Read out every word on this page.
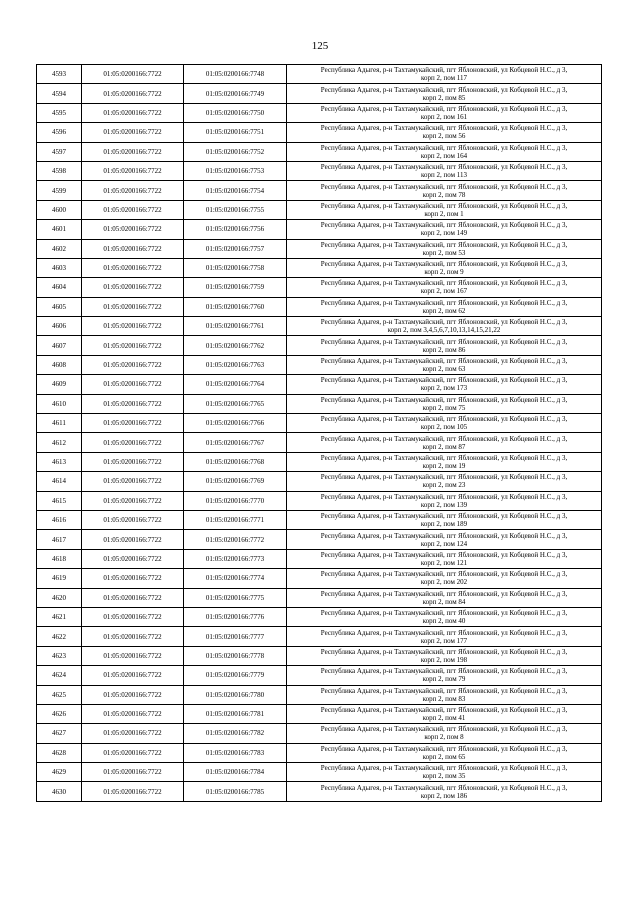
125
4593	01:05:0200166:7722	01:05:0200166:7748	Республика Адыгея, р-н Тахтамукайский, пгт Яблоновский, ул Кобцевой Н.С., д 3,
корп 2, пом 117

4594	01:05:0200166:7722	01:05:0200166:7749	Республика Адыгея, р-н Тахтамукайский, пгт Яблоновский, ул Кобцевой Н.С., д 3,
корп 2, пом 85

4595	01:05:0200166:7722	01:05:0200166:7750	Республика Адыгея, р-н Тахтамукайский, пгт Яблоновский, ул Кобцевой Н.С., д 3,
корп 2, пом 161

4596	01:05:0200166:7722	01:05:0200166:7751	Республика Адыгея, р-н Тахтамукайский, пгт Яблоновский, ул Кобцевой Н.С., д 3,
корп 2, пом 56

4597	01:05:0200166:7722	01:05:0200166:7752	Республика Адыгея, р-н Тахтамукайский, пгт Яблоновский, ул Кобцевой Н.С., д 3,
корп 2, пом 164

4598	01:05:0200166:7722	01:05:0200166:7753	Республика Адыгея, р-н Тахтамукайский, пгт Яблоновский, ул Кобцевой Н.С., д 3,
корп 2, пом 113

4599	01:05:0200166:7722	01:05:0200166:7754	Республика Адыгея, р-н Тахтамукайский, пгт Яблоновский, ул Кобцевой Н.С., д 3,
корп 2, пом 78

4600	01:05:0200166:7722	01:05:0200166:7755	Республика Адыгея, р-н Тахтамукайский, пгт Яблоновский, ул Кобцевой Н.С., д 3,
корп 2, пом 1

4601	01:05:0200166:7722	01:05:0200166:7756	Республика Адыгея, р-н Тахтамукайский, пгт Яблоновский, ул Кобцевой Н.С., д 3,
корп 2, пом 149

4602	01:05:0200166:7722	01:05:0200166:7757	Республика Адыгея, р-н Тахтамукайский, пгт Яблоновский, ул Кобцевой Н.С., д 3,
корп 2, пом 53

4603	01:05:0200166:7722	01:05:0200166:7758	Республика Адыгея, р-н Тахтамукайский, пгт Яблоновский, ул Кобцевой Н.С., д 3,
корп 2, пом 9

4604	01:05:0200166:7722	01:05:0200166:7759	Республика Адыгея, р-н Тахтамукайский, пгт Яблоновский, ул Кобцевой Н.С., д 3,
корп 2, пом 167

4605	01:05:0200166:7722	01:05:0200166:7760	Республика Адыгея, р-н Тахтамукайский, пгт Яблоновский, ул Кобцевой Н.С., д 3,
корп 2, пом 62

4606	01:05:0200166:7722	01:05:0200166:7761	Республика Адыгея, р-н Тахтамукайский, пгт Яблоновский, ул Кобцевой Н.С., д 3,
корп 2, пом 3,4,5,6,7,10,13,14,15,21,22

4607	01:05:0200166:7722	01:05:0200166:7762	Республика Адыгея, р-н Тахтамукайский, пгт Яблоновский, ул Кобцевой Н.С., д 3,
корп 2, пом 86

4608	01:05:0200166:7722	01:05:0200166:7763	Республика Адыгея, р-н Тахтамукайский, пгт Яблоновский, ул Кобцевой Н.С., д 3,
корп 2, пом 63

4609	01:05:0200166:7722	01:05:0200166:7764	Республика Адыгея, р-н Тахтамукайский, пгт Яблоновский, ул Кобцевой Н.С., д 3,
корп 2, пом 173

4610	01:05:0200166:7722	01:05:0200166:7765	Республика Адыгея, р-н Тахтамукайский, пгт Яблоновский, ул Кобцевой Н.С., д 3,
корп 2, пом 75

4611	01:05:0200166:7722	01:05:0200166:7766	Республика Адыгея, р-н Тахтамукайский, пгт Яблоновский, ул Кобцевой Н.С., д 3,
корп 2, пом 105

4612	01:05:0200166:7722	01:05:0200166:7767	Республика Адыгея, р-н Тахтамукайский, пгт Яблоновский, ул Кобцевой Н.С., д 3,
корп 2, пом 87

4613	01:05:0200166:7722	01:05:0200166:7768	Республика Адыгея, р-н Тахтамукайский, пгт Яблоновский, ул Кобцевой Н.С., д 3,
корп 2, пом 19

4614	01:05:0200166:7722	01:05:0200166:7769	Республика Адыгея, р-н Тахтамукайский, пгт Яблоновский, ул Кобцевой Н.С., д 3,
корп 2, пом 23

4615	01:05:0200166:7722	01:05:0200166:7770	Республика Адыгея, р-н Тахтамукайский, пгт Яблоновский, ул Кобцевой Н.С., д 3,
корп 2, пом 139

4616	01:05:0200166:7722	01:05:0200166:7771	Республика Адыгея, р-н Тахтамукайский, пгт Яблоновский, ул Кобцевой Н.С., д 3,
корп 2, пом 189

4617	01:05:0200166:7722	01:05:0200166:7772	Республика Адыгея, р-н Тахтамукайский, пгт Яблоновский, ул Кобцевой Н.С., д 3,
корп 2, пом 124

4618	01:05:0200166:7722	01:05:0200166:7773	Республика Адыгея, р-н Тахтамукайский, пгт Яблоновский, ул Кобцевой Н.С., д 3,
корп 2, пом 121

4619	01:05:0200166:7722	01:05:0200166:7774	Республика Адыгея, р-н Тахтамукайский, пгт Яблоновский, ул Кобцевой Н.С., д 3,
корп 2, пом 202

4620	01:05:0200166:7722	01:05:0200166:7775	Республика Адыгея, р-н Тахтамукайский, пгт Яблоновский, ул Кобцевой Н.С., д 3,
корп 2, пом 84

4621	01:05:0200166:7722	01:05:0200166:7776	Республика Адыгея, р-н Тахтамукайский, пгт Яблоновский, ул Кобцевой Н.С., д 3,
корп 2, пом 40

4622	01:05:0200166:7722	01:05:0200166:7777	Республика Адыгея, р-н Тахтамукайский, пгт Яблоновский, ул Кобцевой Н.С., д 3,
корп 2, пом 177

4623	01:05:0200166:7722	01:05:0200166:7778	Республика Адыгея, р-н Тахтамукайский, пгт Яблоновский, ул Кобцевой Н.С., д 3,
корп 2, пом 198

4624	01:05:0200166:7722	01:05:0200166:7779	Республика Адыгея, р-н Тахтамукайский, пгт Яблоновский, ул Кобцевой Н.С., д 3,
корп 2, пом 79

4625	01:05:0200166:7722	01:05:0200166:7780	Республика Адыгея, р-н Тахтамукайский, пгт Яблоновский, ул Кобцевой Н.С., д 3,
корп 2, пом 83

4626	01:05:0200166:7722	01:05:0200166:7781	Республика Адыгея, р-н Тахтамукайский, пгт Яблоновский, ул Кобцевой Н.С., д 3,
корп 2, пом 41

4627	01:05:0200166:7722	01:05:0200166:7782	Республика Адыгея, р-н Тахтамукайский, пгт Яблоновский, ул Кобцевой Н.С., д 3,
корп 2, пом 8

4628	01:05:0200166:7722	01:05:0200166:7783	Республика Адыгея, р-н Тахтамукайский, пгт Яблоновский, ул Кобцевой Н.С., д 3,
корп 2, пом 65

4629	01:05:0200166:7722	01:05:0200166:7784	Республика Адыгея, р-н Тахтамукайский, пгт Яблоновский, ул Кобцевой Н.С., д 3,
корп 2, пом 35

4630	01:05:0200166:7722	01:05:0200166:7785	Республика Адыгея, р-н Тахтамукайский, пгт Яблоновский, ул Кобцевой Н.С., д 3,
корп 2, пом 186
